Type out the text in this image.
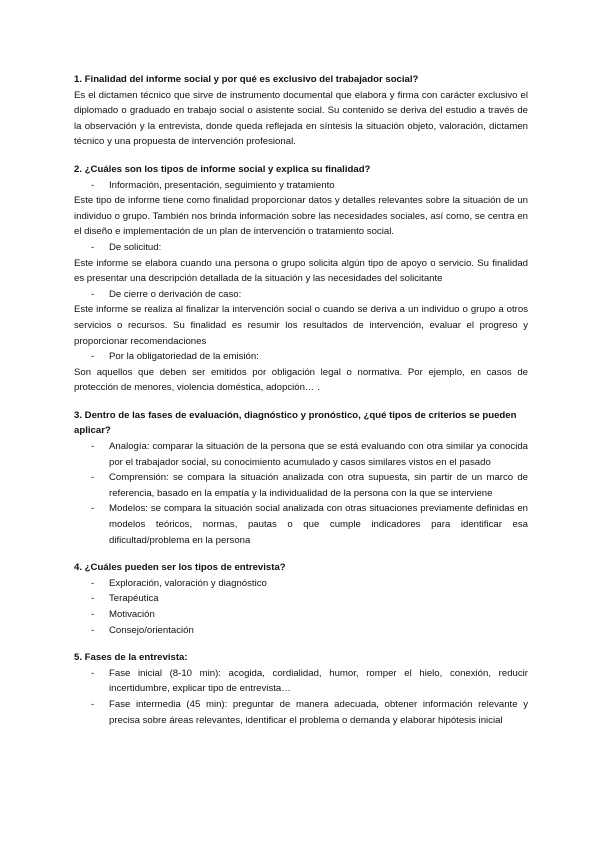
1. Finalidad del informe social y por qué es exclusivo del trabajador social?

Es el dictamen técnico que sirve de instrumento documental que elabora y firma con carácter exclusivo el diplomado o graduado en trabajo social o asistente social. Su contenido se deriva del estudio a través de la observación y la entrevista, donde queda reflejada en síntesis la situación objeto, valoración, dictamen técnico y una propuesta de intervención profesional.

2. ¿Cuáles son los tipos de informe social y explica su finalidad?

- Información, presentación, seguimiento y tratamiento

Este tipo de informe tiene como finalidad proporcionar datos y detalles relevantes sobre la situación de un individuo o grupo. También nos brinda información sobre las necesidades sociales, así como, se centra en el diseño e implementación de un plan de intervención o tratamiento social.

- De solicitud:

Este informe se elabora cuando una persona o grupo solicita algún tipo de apoyo o servicio. Su finalidad es presentar una descripción detallada de la situación y las necesidades del solicitante

- De cierre o derivación de caso:

Este informe se realiza al finalizar la intervención social o cuando se deriva a un individuo o grupo a otros servicios o recursos. Su finalidad es resumir los resultados de intervención, evaluar el progreso y proporcionar recomendaciones

- Por la obligatoriedad de la emisión:

Son aquellos que deben ser emitidos por obligación legal o normativa. Por ejemplo, en casos de protección de menores, violencia doméstica, adopción… .

3. Dentro de las fases de evaluación, diagnóstico y pronóstico, ¿qué tipos de criterios se pueden aplicar?

- Analogía: comparar la situación de la persona que se está evaluando con otra similar ya conocida por el trabajador social, su conocimiento acumulado y casos similares vistos en el pasado
- Comprensión: se compara la situación analizada con otra supuesta, sin partir de un marco de referencia, basado en la empatía y la individualidad de la persona con la que se interviene
- Modelos: se compara la situación social analizada con otras situaciones previamente definidas en modelos teóricos, normas, pautas o que cumple indicadores para identificar esa dificultad/problema en la persona

4. ¿Cuáles pueden ser los tipos de entrevista?

- Exploración, valoración y diagnóstico
- Terapéutica
- Motivación
- Consejo/orientación

5. Fases de la entrevista:

- Fase inicial (8-10 min): acogida, cordialidad, humor, romper el hielo, conexión, reducir incertidumbre, explicar tipo de entrevista…
- Fase intermedia (45 min): preguntar de manera adecuada, obtener información relevante y precisa sobre áreas relevantes, identificar el problema o demanda y elaborar hipótesis inicial
